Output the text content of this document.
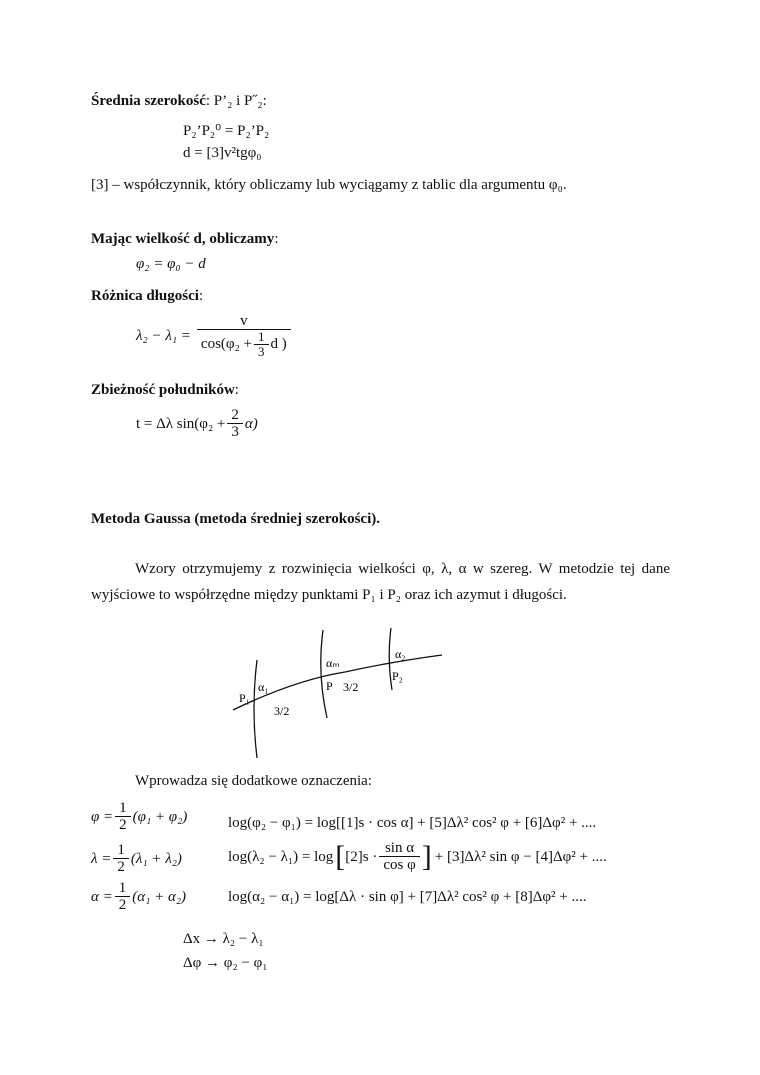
Średnia szerokość: P’₂ i P˝₂:
P₂’P₂⁰ = P₂’P₂
d = [3]v²tgφ₀
[3] – współczynnik, który obliczamy lub wyciągamy z tablic dla argumentu φ₀.
Mając wielkość d, obliczamy:
φ₂ = φ₀ − d
Różnica długości:
$\lambda_2 - \lambda_1 = \frac{v}{\cos(\varphi_2 + \frac{1}{3} d )}$
Zbieżność południków:
t = Δλ $\sin(\varphi_2 + \frac{2}{3} \alpha)$
Metoda Gaussa (metoda średniej szerokości).
Wzory otrzymujemy z rozwinięcia wielkości φ, λ, α w szereg. W metodzie tej dane wyjściowe to współrzędne między punktami P₁ i P₂ oraz ich azymut i długości.
P₁
α₁
3/2
αₘ
P 3/2
α₂
P₂
Wprowadza się dodatkowe oznaczenia:
$\varphi = \frac{1}{2} (\varphi_1 + \varphi_2)$
$\lambda = \frac{1}{2} (\lambda_1 + \lambda_2)$
$\alpha = \frac{1}{2} (\alpha_1 + \alpha_2)$
log(φ₂ − φ₁) = log[[1]s · cos α] + [5]Δλ² cos² φ + [6]Δφ² + ....
log(λ₂ − λ₁) = log [ $[2]s \cdot \frac{\text{sin α}}{\text{cos φ}}$ ] + [3]Δλ² sin φ − [4]Δφ² + ....
log(α₂ − α₁) = log[Δλ · sin φ] + [7]Δλ² cos² φ + [8]Δφ² + ....
Δx → λ₂ − λ₁
Δφ → φ₂ − φ₁
